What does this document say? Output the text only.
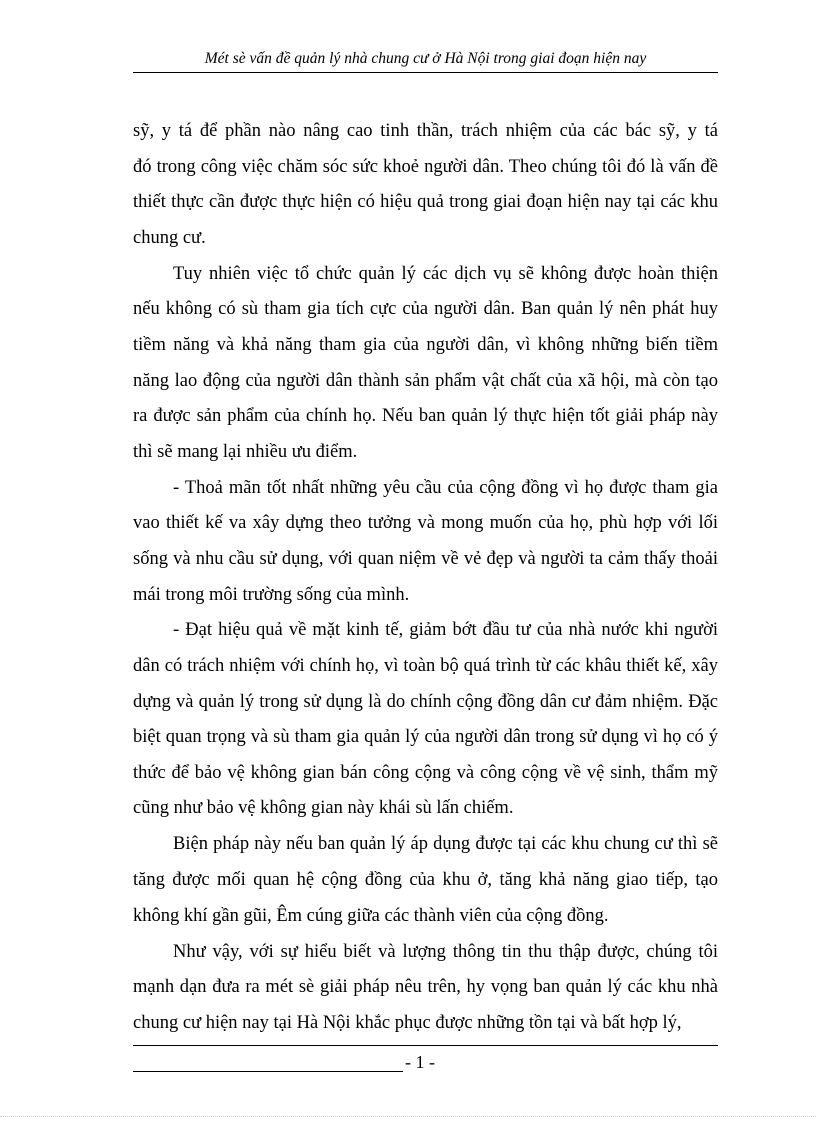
Mét sè vấn đề quản lý nhà chung cư ở Hà Nội trong giai đoạn hiện nay
sỹ, y tá để phần nào nâng cao tinh thần, trách nhiệm của các bác sỹ, y tá
đó trong công việc chăm sóc sức khoẻ người dân. Theo chúng tôi đó là vấn đề
thiết thực cần được thực hiện có hiệu quả trong giai đoạn hiện nay tại các khu
chung cư.
Tuy nhiên việc tổ chức quản lý các dịch vụ sẽ không được hoàn thiện
nếu không có sù tham gia tích cực của người dân. Ban quản lý nên phát huy
tiềm năng và khả năng tham gia của người dân, vì không những biến tiềm
năng lao động của người dân thành sản phẩm vật chất của xã hội, mà còn tạo
ra được sản phẩm của chính họ. Nếu ban quản lý thực hiện tốt giải pháp này
thì sẽ mang lại nhiều ưu điểm.
- Thoả mãn tốt nhất những yêu cầu của cộng đồng vì họ được tham gia
vao thiết kế va xây dựng theo tưởng và mong muốn của họ, phù hợp với lối
sống và nhu cầu sử dụng, với quan niệm về vẻ đẹp và người ta cảm thấy thoải
mái trong môi trường sống của mình.
- Đạt hiệu quả về mặt kinh tế, giảm bớt đầu tư của nhà nước khi người
dân có trách nhiệm với chính họ, vì toàn bộ quá trình từ các khâu thiết kế, xây
dựng và quản lý trong sử dụng là do chính cộng đồng dân cư đảm nhiệm. Đặc
biệt quan trọng và sù tham gia quản lý của người dân trong sử dụng vì họ có ý
thức để bảo vệ không gian bán công cộng và công cộng về vệ sinh, thẩm mỹ
cũng như bảo vệ không gian này khái sù lấn chiếm.
Biện pháp này nếu ban quản lý áp dụng được tại các khu chung cư thì sẽ
tăng được mối quan hệ cộng đồng của khu ở, tăng khả năng giao tiếp, tạo
không khí gần gũi, Êm cúng giữa các thành viên của cộng đồng.
Như vậy, với sự hiểu biết và lượng thông tin thu thập được, chúng tôi
mạnh dạn đưa ra mét sè giải pháp nêu trên, hy vọng ban quản lý các khu nhà
chung cư hiện nay tại Hà Nội khắc phục được những tồn tại và bất hợp lý,
- 1 -
